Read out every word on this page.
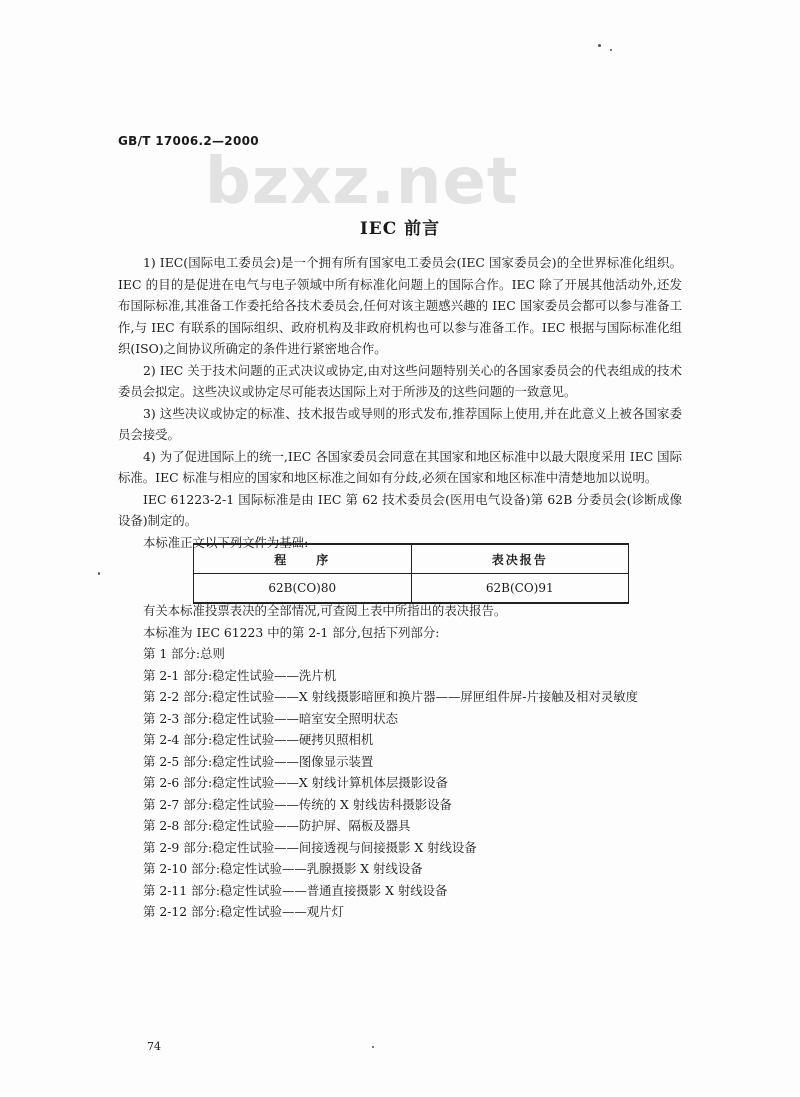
GB/T 17006.2—2000
bzxz.net
IEC 前言

1) IEC(国际电工委员会)是一个拥有所有国家电工委员会(IEC 国家委员会)的全世界标准化组织。IEC 的目的是促进在电气与电子领域中所有标准化问题上的国际合作。IEC 除了开展其他活动外,还发布国际标准,其准备工作委托给各技术委员会,任何对该主题感兴趣的 IEC 国家委员会都可以参与准备工作,与 IEC 有联系的国际组织、政府机构及非政府机构也可以参与准备工作。IEC 根据与国际标准化组织(ISO)之间协议所确定的条件进行紧密地合作。

2) IEC 关于技术问题的正式决议或协定,由对这些问题特别关心的各国家委员会的代表组成的技术委员会拟定。这些决议或协定尽可能表达国际上对于所涉及的这些问题的一致意见。

3) 这些决议或协定的标准、技术报告或导则的形式发布,推荐国际上使用,并在此意义上被各国家委员会接受。

4) 为了促进国际上的统一,IEC 各国家委员会同意在其国家和地区标准中以最大限度采用 IEC 国际标准。IEC 标准与相应的国家和地区标准之间如有分歧,必须在国家和地区标准中清楚地加以说明。

IEC 61223-2-1 国际标准是由 IEC 第 62 技术委员会(医用电气设备)第 62B 分委员会(诊断成像设备)制定的。

本标准正文以下列文件为基础:

程　　序	表决报告
62B(CO)80	62B(CO)91

有关本标准投票表决的全部情况,可查阅上表中所指出的表决报告。

本标准为 IEC 61223 中的第 2-1 部分,包括下列部分:

第 1 部分:总则
第 2-1 部分:稳定性试验——洗片机
第 2-2 部分:稳定性试验——X 射线摄影暗匣和换片器——屏匣组件屏-片接触及相对灵敏度
第 2-3 部分:稳定性试验——暗室安全照明状态
第 2-4 部分:稳定性试验——硬拷贝照相机
第 2-5 部分:稳定性试验——图像显示装置
第 2-6 部分:稳定性试验——X 射线计算机体层摄影设备
第 2-7 部分:稳定性试验——传统的 X 射线齿科摄影设备
第 2-8 部分:稳定性试验——防护屏、隔板及器具
第 2-9 部分:稳定性试验——间接透视与间接摄影 X 射线设备
第 2-10 部分:稳定性试验——乳腺摄影 X 射线设备
第 2-11 部分:稳定性试验——普通直接摄影 X 射线设备
第 2-12 部分:稳定性试验——观片灯
74
